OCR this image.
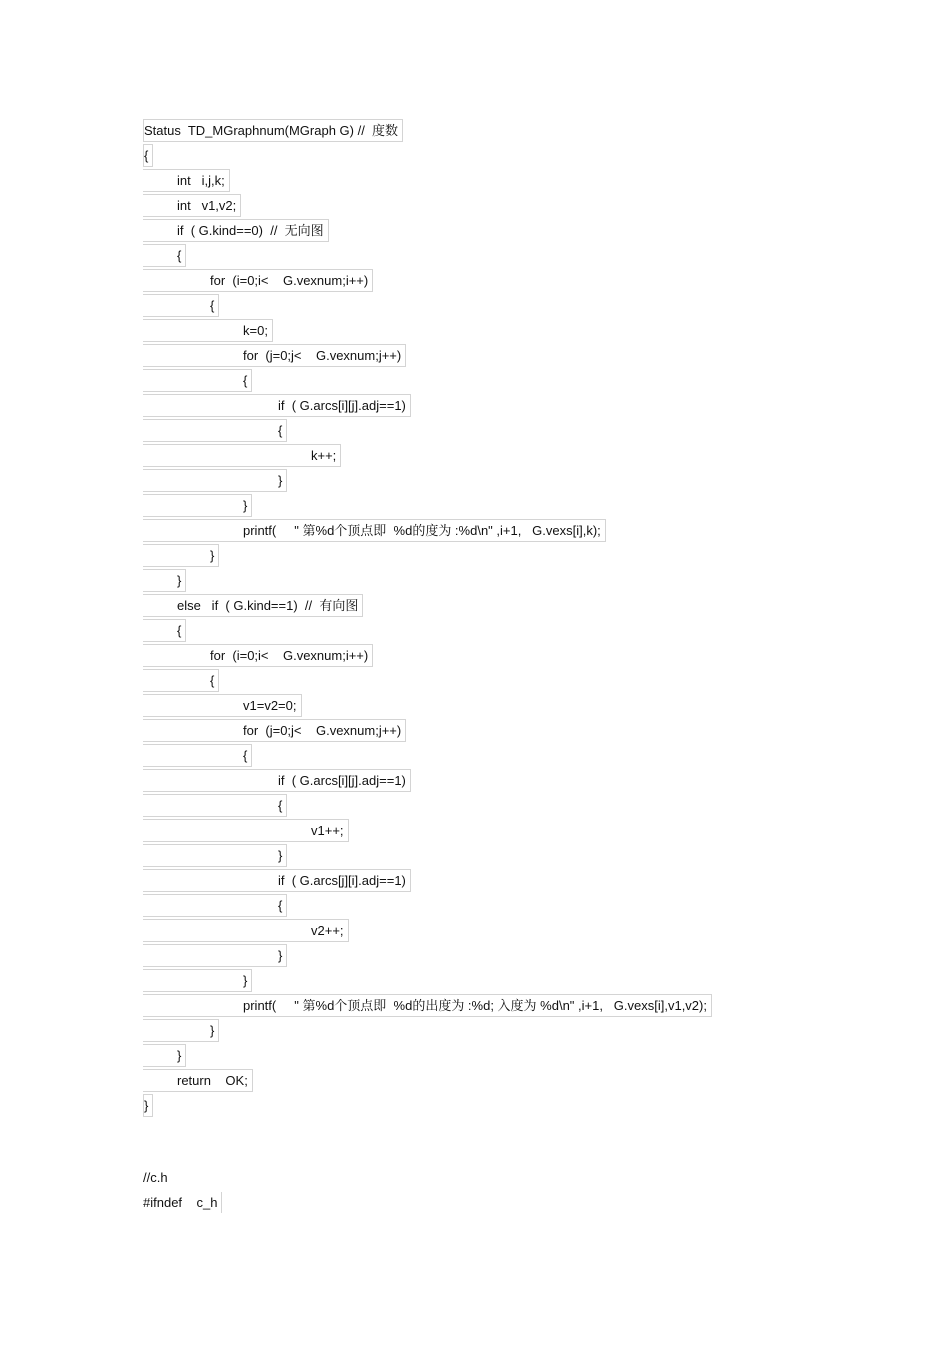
Status  TD_MGraphnum(MGraph G) //  度数
{
int   i,j,k;
int   v1,v2;
if  ( G.kind==0)  //  无向图
{
for  (i=0;i<    G.vexnum;i++)
{
k=0;
for  (j=0;j<    G.vexnum;j++)
{
if  ( G.arcs[i][j].adj==1)
{
k++;
}
}
printf(     " 第%d个顶点即  %d的度为 :%d\n" ,i+1,   G.vexs[i],k);
}
}
else   if  ( G.kind==1)  //  有向图
{
for  (i=0;i<    G.vexnum;i++)
{
v1=v2=0;
for  (j=0;j<    G.vexnum;j++)
{
if  ( G.arcs[i][j].adj==1)
{
v1++;
}
if  ( G.arcs[j][i].adj==1)
{
v2++;
}
}
printf(     " 第%d个顶点即  %d的出度为 :%d; 入度为 %d\n" ,i+1,   G.vexs[i],v1,v2);
}
}
return    OK;
}
//c.h
#ifndef    c_h
